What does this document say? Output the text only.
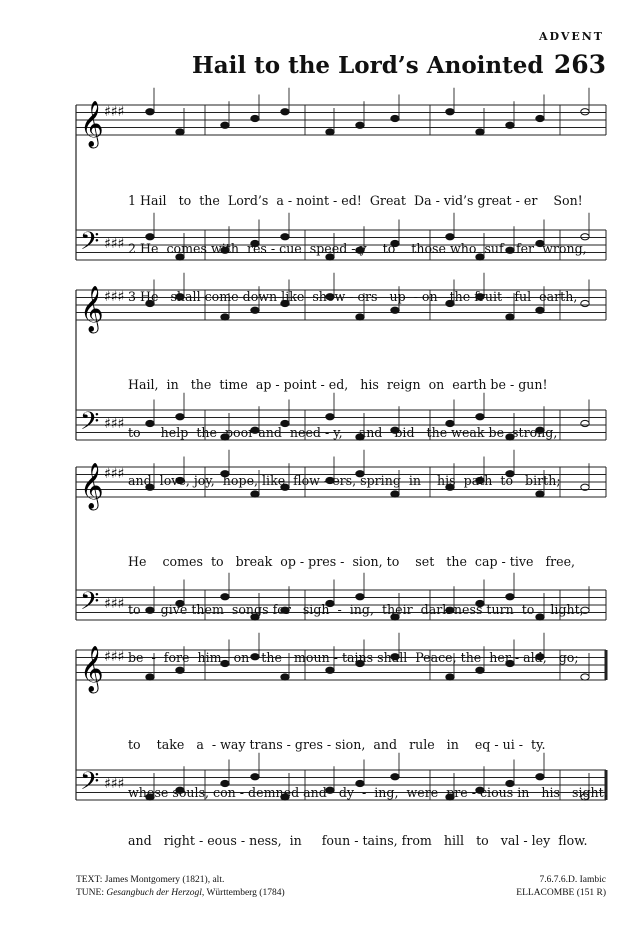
ADVENT
Hail to the Lord’s Anointed 263
𝄞 ♯♯♯
𝄞 ♯♯♯
𝄞 ♯♯♯
𝄞 ♯♯♯
𝄢 ♯♯♯
𝄢 ♯♯♯
𝄢 ♯♯♯
𝄢 ♯♯♯

1 Hail   to  the  Lord’s  a - noint - ed!  Great  Da - vid’s great - er    Son!

2 He  comes with  res - cue  speed - y    to    those who  suf - fer  wrong,

3 He   shall come down like  show - ers   up  - on   the fruit - ful  earth,

Hail,  in   the  time  ap - point - ed,   his  reign  on  earth be - gun!

to     help  the  poor and  need - y,    and   bid   the weak be  strong,

and  love, joy,  hope, like  flow - ers, spring  in    his  path  to   birth;

He    comes  to   break  op - pres -  sion, to    set   the  cap - tive   free,

to     give them  songs for   sigh  -  ing,  their  dark-ness turn  to    light,

be  -  fore  him   on   the   moun - tains shall  Peace, the  her - ald,   go;

to    take   a  - way trans - gres - sion,  and   rule   in    eq - ui -  ty.

whose souls, con - demned and   dy  -  ing,  were  pre - cious in   his   sight.

and   right - eous - ness,  in     foun - tains, from   hill   to   val - ley  flow.

TEXT: James Montgomery (1821), alt.
TUNE: Gesangbuch der Herzogl, Württemberg (1784)
7.6.7.6.D. Iambic
ELLACOMBE (151 R)
